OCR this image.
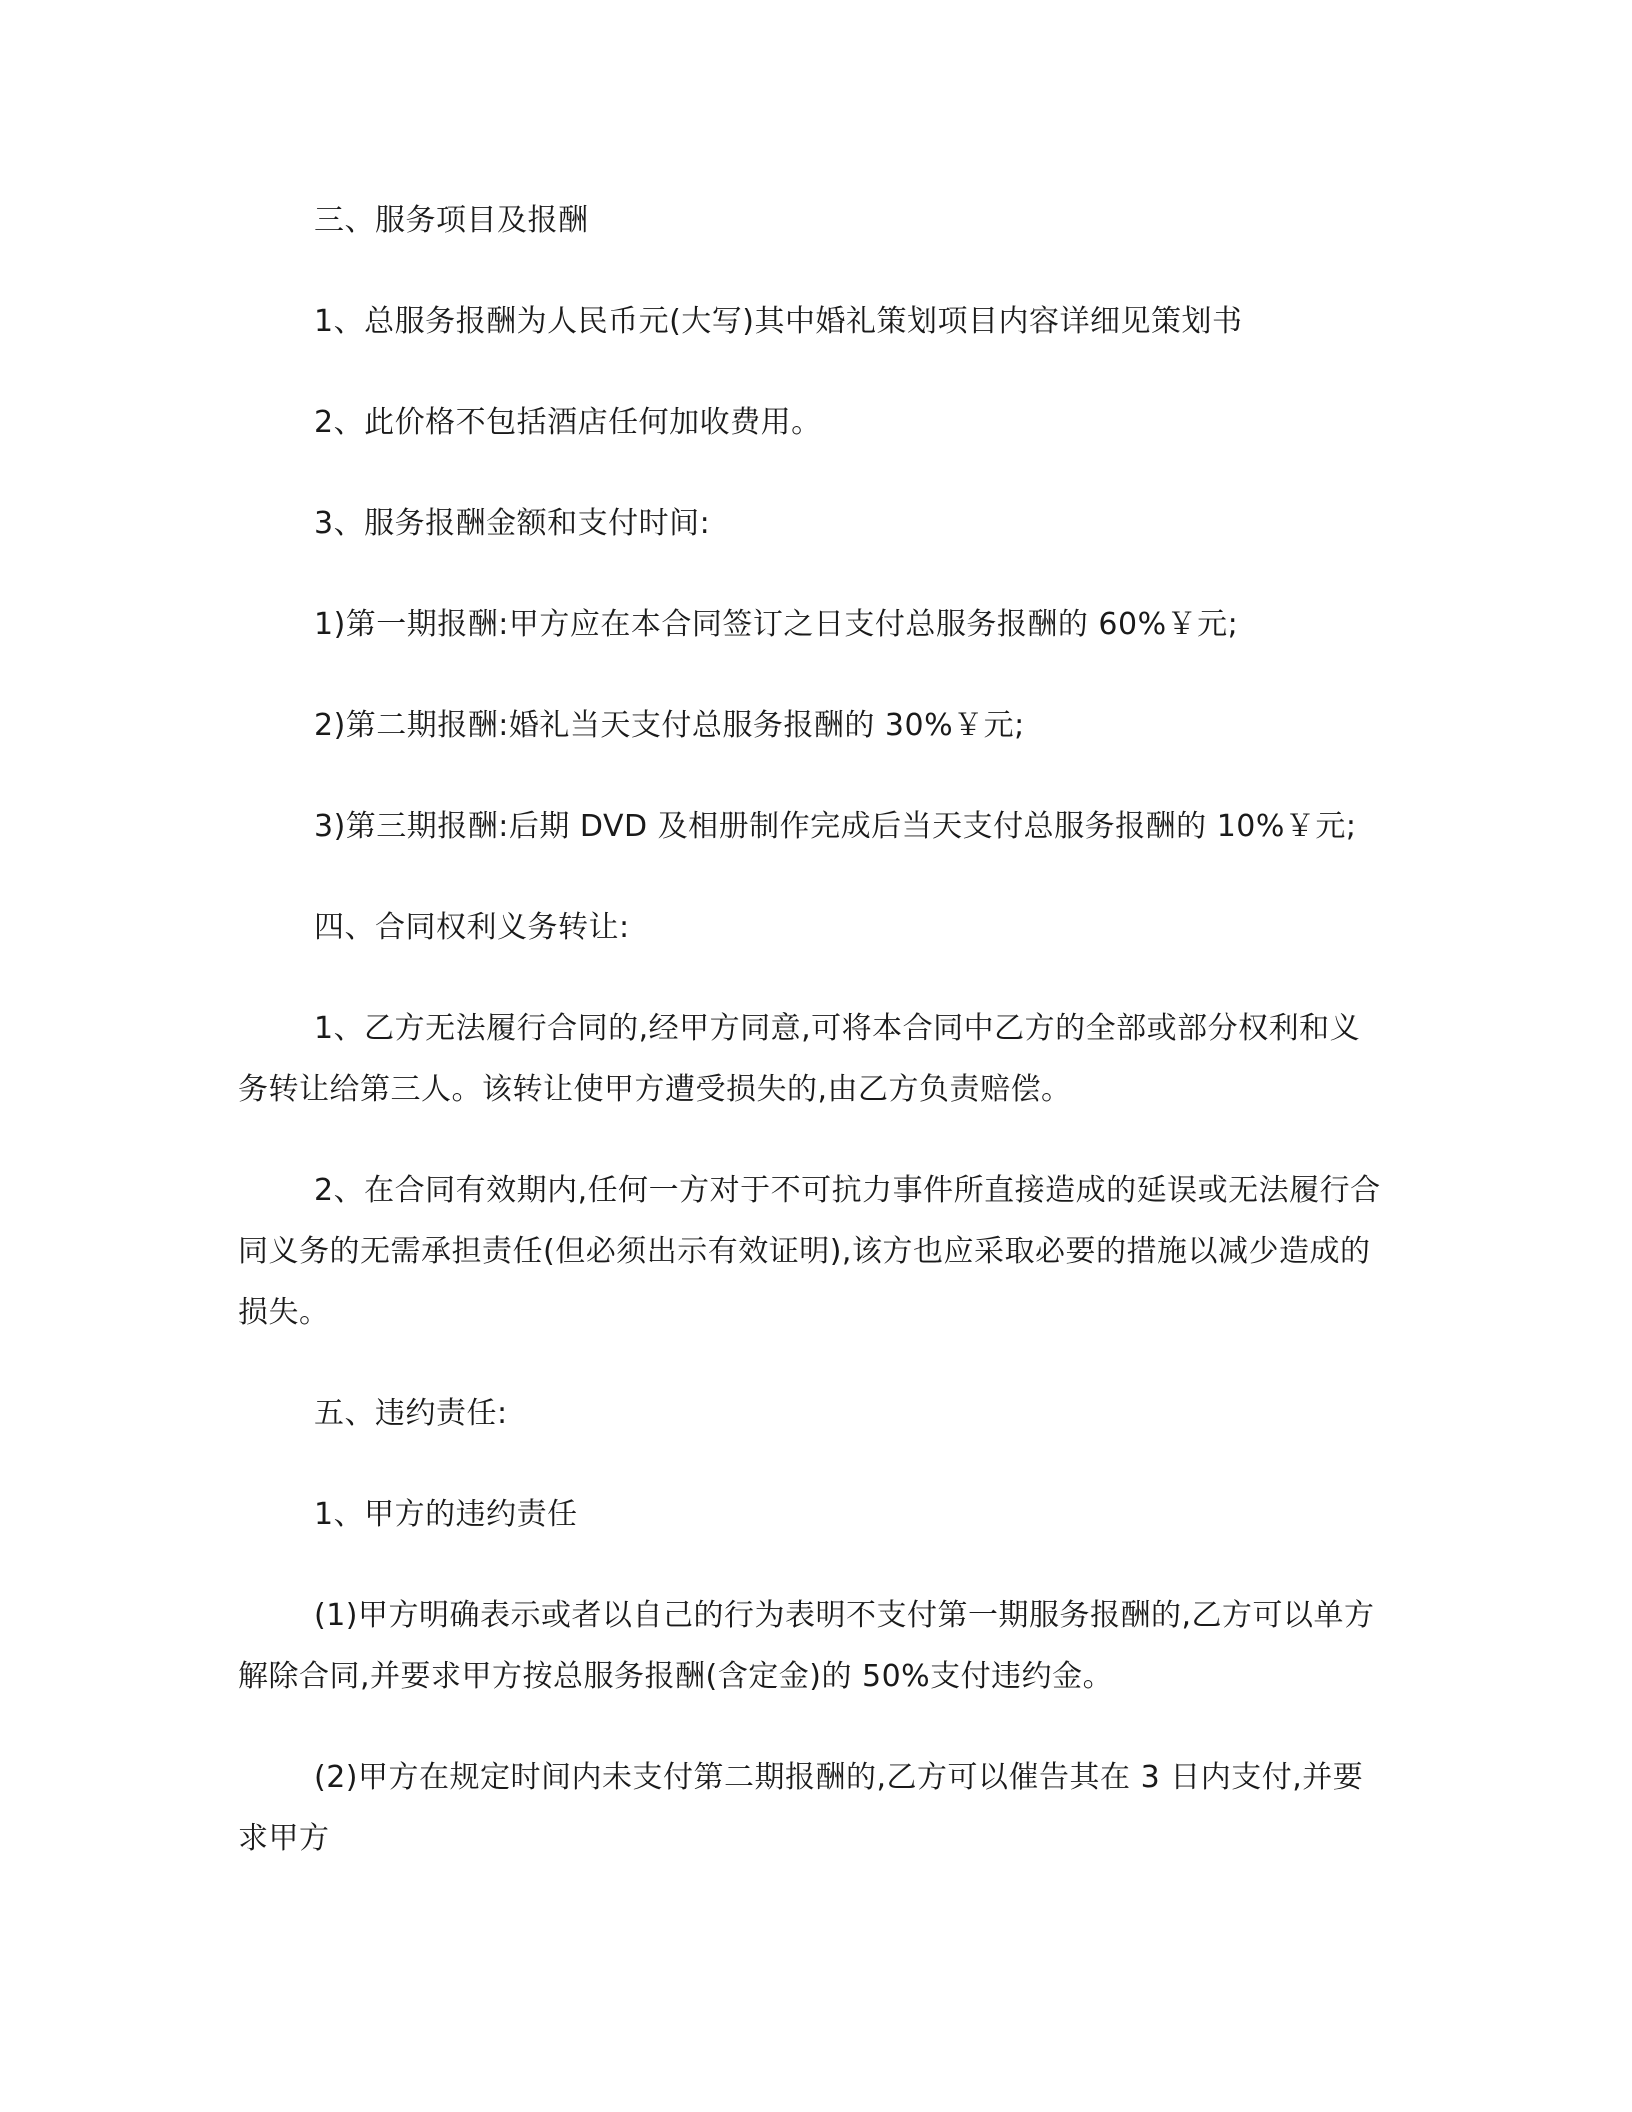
三、服务项目及报酬

1、总服务报酬为人民币元(大写)其中婚礼策划项目内容详细见策划书

2、此价格不包括酒店任何加收费用。

3、服务报酬金额和支付时间:

1)第一期报酬:甲方应在本合同签订之日支付总服务报酬的 60%￥元;

2)第二期报酬:婚礼当天支付总服务报酬的 30%￥元;

3)第三期报酬:后期 DVD 及相册制作完成后当天支付总服务报酬的 10%￥元;

四、合同权利义务转让:

1、乙方无法履行合同的,经甲方同意,可将本合同中乙方的全部或部分权利和义务转让给第三人。该转让使甲方遭受损失的,由乙方负责赔偿。

2、在合同有效期内,任何一方对于不可抗力事件所直接造成的延误或无法履行合同义务的无需承担责任(但必须出示有效证明),该方也应采取必要的措施以减少造成的损失。

五、违约责任:

1、甲方的违约责任

(1)甲方明确表示或者以自己的行为表明不支付第一期服务报酬的,乙方可以单方解除合同,并要求甲方按总服务报酬(含定金)的 50%支付违约金。

(2)甲方在规定时间内未支付第二期报酬的,乙方可以催告其在 3 日内支付,并要求甲方
